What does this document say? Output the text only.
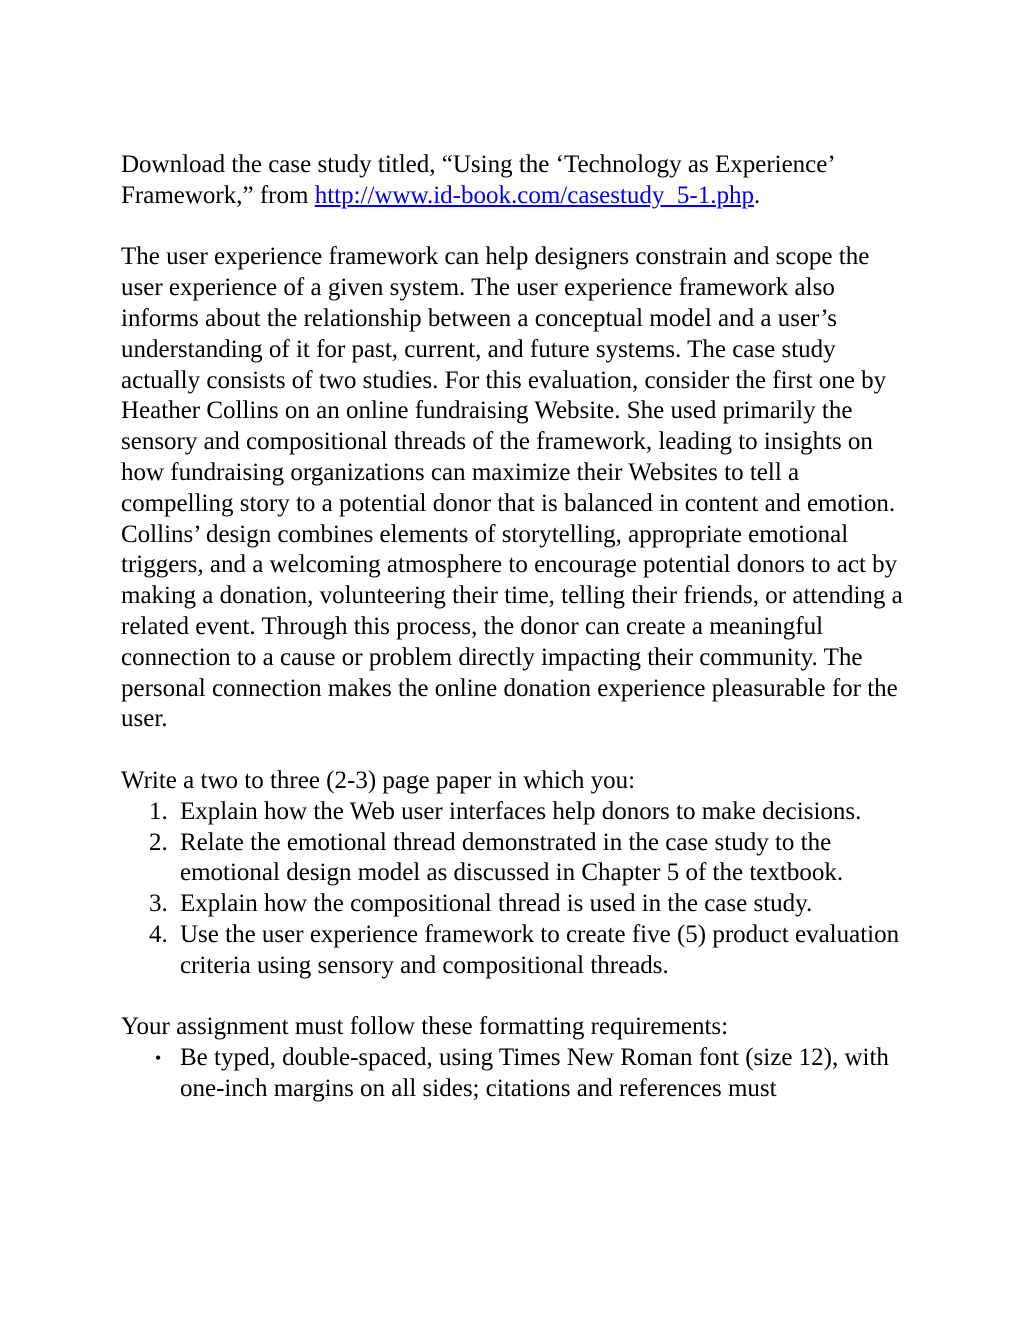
Download the case study titled, “Using the ‘Technology as Experience’ Framework,” from http://www.id-book.com/casestudy_5-1.php.

The user experience framework can help designers constrain and scope the user experience of a given system. The user experience framework also informs about the relationship between a conceptual model and a user’s understanding of it for past, current, and future systems. The case study actually consists of two studies. For this evaluation, consider the first one by Heather Collins on an online fundraising Website. She used primarily the sensory and compositional threads of the framework, leading to insights on how fundraising organizations can maximize their Websites to tell a compelling story to a potential donor that is balanced in content and emotion. Collins’ design combines elements of storytelling, appropriate emotional triggers, and a welcoming atmosphere to encourage potential donors to act by making a donation, volunteering their time, telling their friends, or attending a related event. Through this process, the donor can create a meaningful connection to a cause or problem directly impacting their community. The personal connection makes the online donation experience pleasurable for the user.

Write a two to three (2-3) page paper in which you:

1. Explain how the Web user interfaces help donors to make decisions.
2. Relate the emotional thread demonstrated in the case study to the emotional design model as discussed in Chapter 5 of the textbook.
3. Explain how the compositional thread is used in the case study.
4. Use the user experience framework to create five (5) product evaluation criteria using sensory and compositional threads.

Your assignment must follow these formatting requirements:

• Be typed, double-spaced, using Times New Roman font (size 12), with one-inch margins on all sides; citations and references must
